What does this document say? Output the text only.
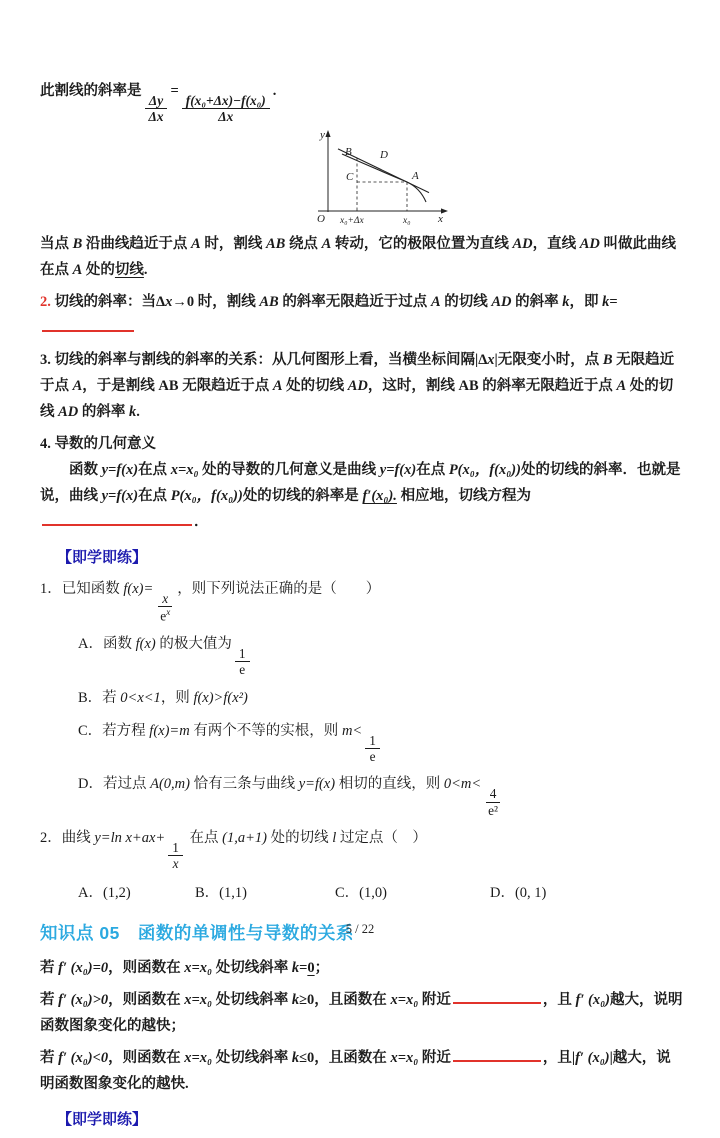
此割线的斜率是
$\frac{\Delta y}{\Delta x}$
=
$\frac{\text{f(x₀+Δx)−f(x₀)}}{\Delta x}$
.
y
x
O
B	D
A
C
x₀+Δx	x₀

当点 B 沿曲线趋近于点 A 时，割线 AB 绕点 A 转动，它的极限位置为直线 AD，直线 AD 叫做此曲线在点 A 处的切线.

2. 切线的斜率：当Δx→0 时，割线 AB 的斜率无限趋近于过点 A 的切线 AD 的斜率 k，即 k=

3. 切线的斜率与割线的斜率的关系：从几何图形上看，当横坐标间隔|Δx|无限变小时，点 B 无限趋近于点 A，于是割线 AB 无限趋近于点 A 处的切线 AD，这时，割线 AB 的斜率无限趋近于点 A 处的切线 AD 的斜率 k.

4. 导数的几何意义

函数 y=f(x)在点 x=x₀ 处的导数的几何意义是曲线 y=f(x)在点 P(x₀，f(x₀))处的切线的斜率．也就是说，曲线 y=f(x)在点 P(x₀，f(x₀))处的切线的斜率是 f′(x₀). 相应地，切线方程为．

【即学即练】
1．已知函数 f(x)=
$\frac{x}{e^x}$
，则下列说法正确的是（　　）
A．函数 f(x) 的极大值为
$\frac{1}{e}$
B．若 0<x<1，则 f(x)>f(x²)
C．若方程 f(x)=m 有两个不等的实根，则 m<
$\frac{1}{e}$
D．若过点 A(0,m) 恰有三条与曲线 y=f(x) 相切的直线，则 0<m<
$\frac{4}{\text{e²}}$
2．曲线 y=ln x+ax+
$\frac{1}{x}$
在点 (1,a+1) 处的切线 l 过定点（　）
A．(1,2)	B．(1,1)	C．(1,0)	D．(0, 1)
知识点 05　函数的单调性与导数的关系

若 f′ (x₀)=0，则函数在 x=x₀ 处切线斜率 k=0；

若 f′ (x₀)>0，则函数在 x=x₀ 处切线斜率 k≥0，且函数在 x=x₀ 附近	，且 f′ (x₀)越大，说明函数图象变化的越快；

若 f′ (x₀)<0，则函数在 x=x₀ 处切线斜率 k≤0，且函数在 x=x₀ 附近	，且|f′ (x₀)|越大，说明函数图象变化的越快.

【即学即练】
5 / 22
